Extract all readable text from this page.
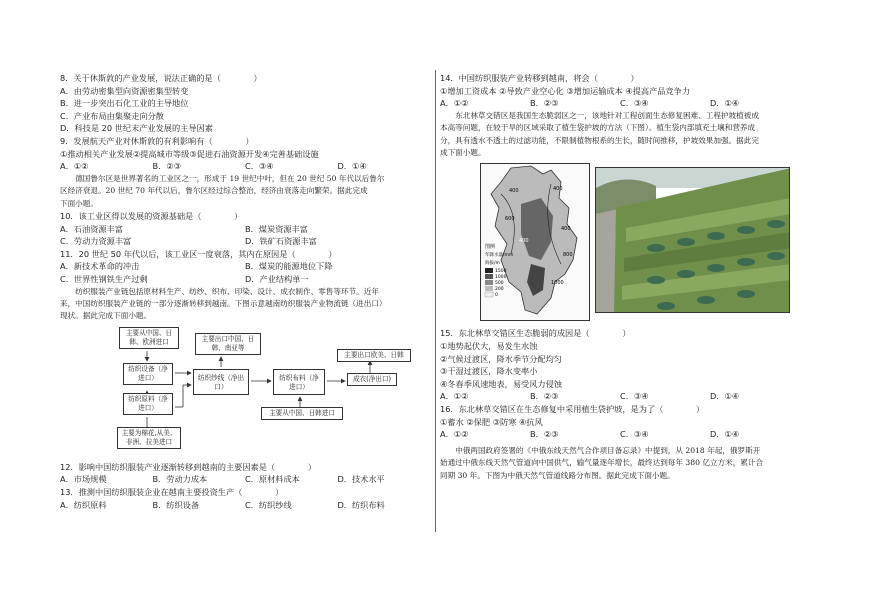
8．关于休斯敦的产业发展，说法正确的是（　　　　）
A．由劳动密集型向资源密集型转变
B．进一步突出石化工业的主导地位
C．产业布局由集聚走向分散
D．科技是 20 世纪末产业发展的主导因素
9．发展航天产业对休斯敦的有利影响有（　　　　）
①推动相关产业发展②提高城市等级③促进石油资源开发④完善基础设施
A．①②	B．②③	C．③④	D．①④
德国鲁尔区是世界著名的工业区之一，形成于 19 世纪中叶，但在 20 世纪 50 年代以后鲁尔
区经济衰退。20 世纪 70 年代以后，鲁尔区经过综合整治，经济由衰落走向繁荣。据此完成
下面小题。
10．该工业区得以发展的资源基础是（　　　　）
A．石油资源丰富	B．煤炭资源丰富
C．劳动力资源丰富	D．铁矿石资源丰富
11．20 世纪 50 年代以后，该工业区一度衰落，其内在原因是（　　　　）
A．新技术革命的冲击	B．煤炭的能源地位下降
C．世界性钢铁生产过剩	D．产业结构单一
纺织服装产业链包括原材料生产、纺纱、织布、印染、设计、成衣制作、零售等环节。近年
来，中国纺织服装产业链的一部分逐渐转移到越南。下图示意越南纺织服装产业物流链（进出口）
现状。据此完成下面小题。
主要从中国、日韩、欧洲进口	主要出口中国、日韩、南亚等
纺织设备（净进口）	纺织纱线（净出口）
纺织布料（净进口）
成衣(净出口)
主要出口欧美、日韩
纺织原料（净进口）
主要从中国、日韩进口
主要为棉花,从美、非洲、拉美进口
12．影响中国纺织服装产业逐渐转移到越南的主要因素是（　　　　）
A．市场规模	B．劳动力成本	C．原材料成本	D．技术水平
13．推测中国纺织服装企业在越南主要投资生产（　　　　）
A．纺织原料	B．纺织设备	C．纺织纱线	D．纺织布料
14．中国纺织服装产业转移到越南，将会（　　　　）
①增加工资成本 ②导致产业空心化 ③增加运输成本 ④提高产品竞争力
A．①②	B．②③	C．③④	D．①④
东北林草交错区是我国生态脆弱区之一，该地针对工程创面生态修复困难、工程护坡植被成
本高等问题，在较干旱的区域采取了植生袋护坡的方法（下图）。植生袋内部填充土壤和营养成
分，具有透水不透土的过滤功能，不限制植物根系的生长，随时间推移，护坡效果加强。据此完
成下面小题。
图例
年降水量/mm
海拔/m
1500
1000
500
200
0
400	400
600
400
800
1000
400
15．东北林草交错区生态脆弱的成因是（　　　　）
①地势起伏大，易发生水蚀
②气候过渡区，降水季节分配均匀
③干湿过渡区，降水变率小
④冬春季风速地表，易受风力侵蚀
A．①②	B．②③	C．③④	D．①④
16．东北林草交错区在生态修复中采用植生袋护坡，是为了（　　　　）
①蓄水 ②保肥 ③防寒 ④抗风
A．①②	B．②③	C．③④	D．①④
中俄两国政府签署的《中俄东线天然气合作项目备忘录》中提到，从 2018 年起，俄罗斯开
始通过中俄东线天然气管道向中国供气，输气量逐年增长，最终达到每年 380 亿立方米，累计合
同期 30 年。下图为中俄天然气管道线路分布图。据此完成下面小题。
